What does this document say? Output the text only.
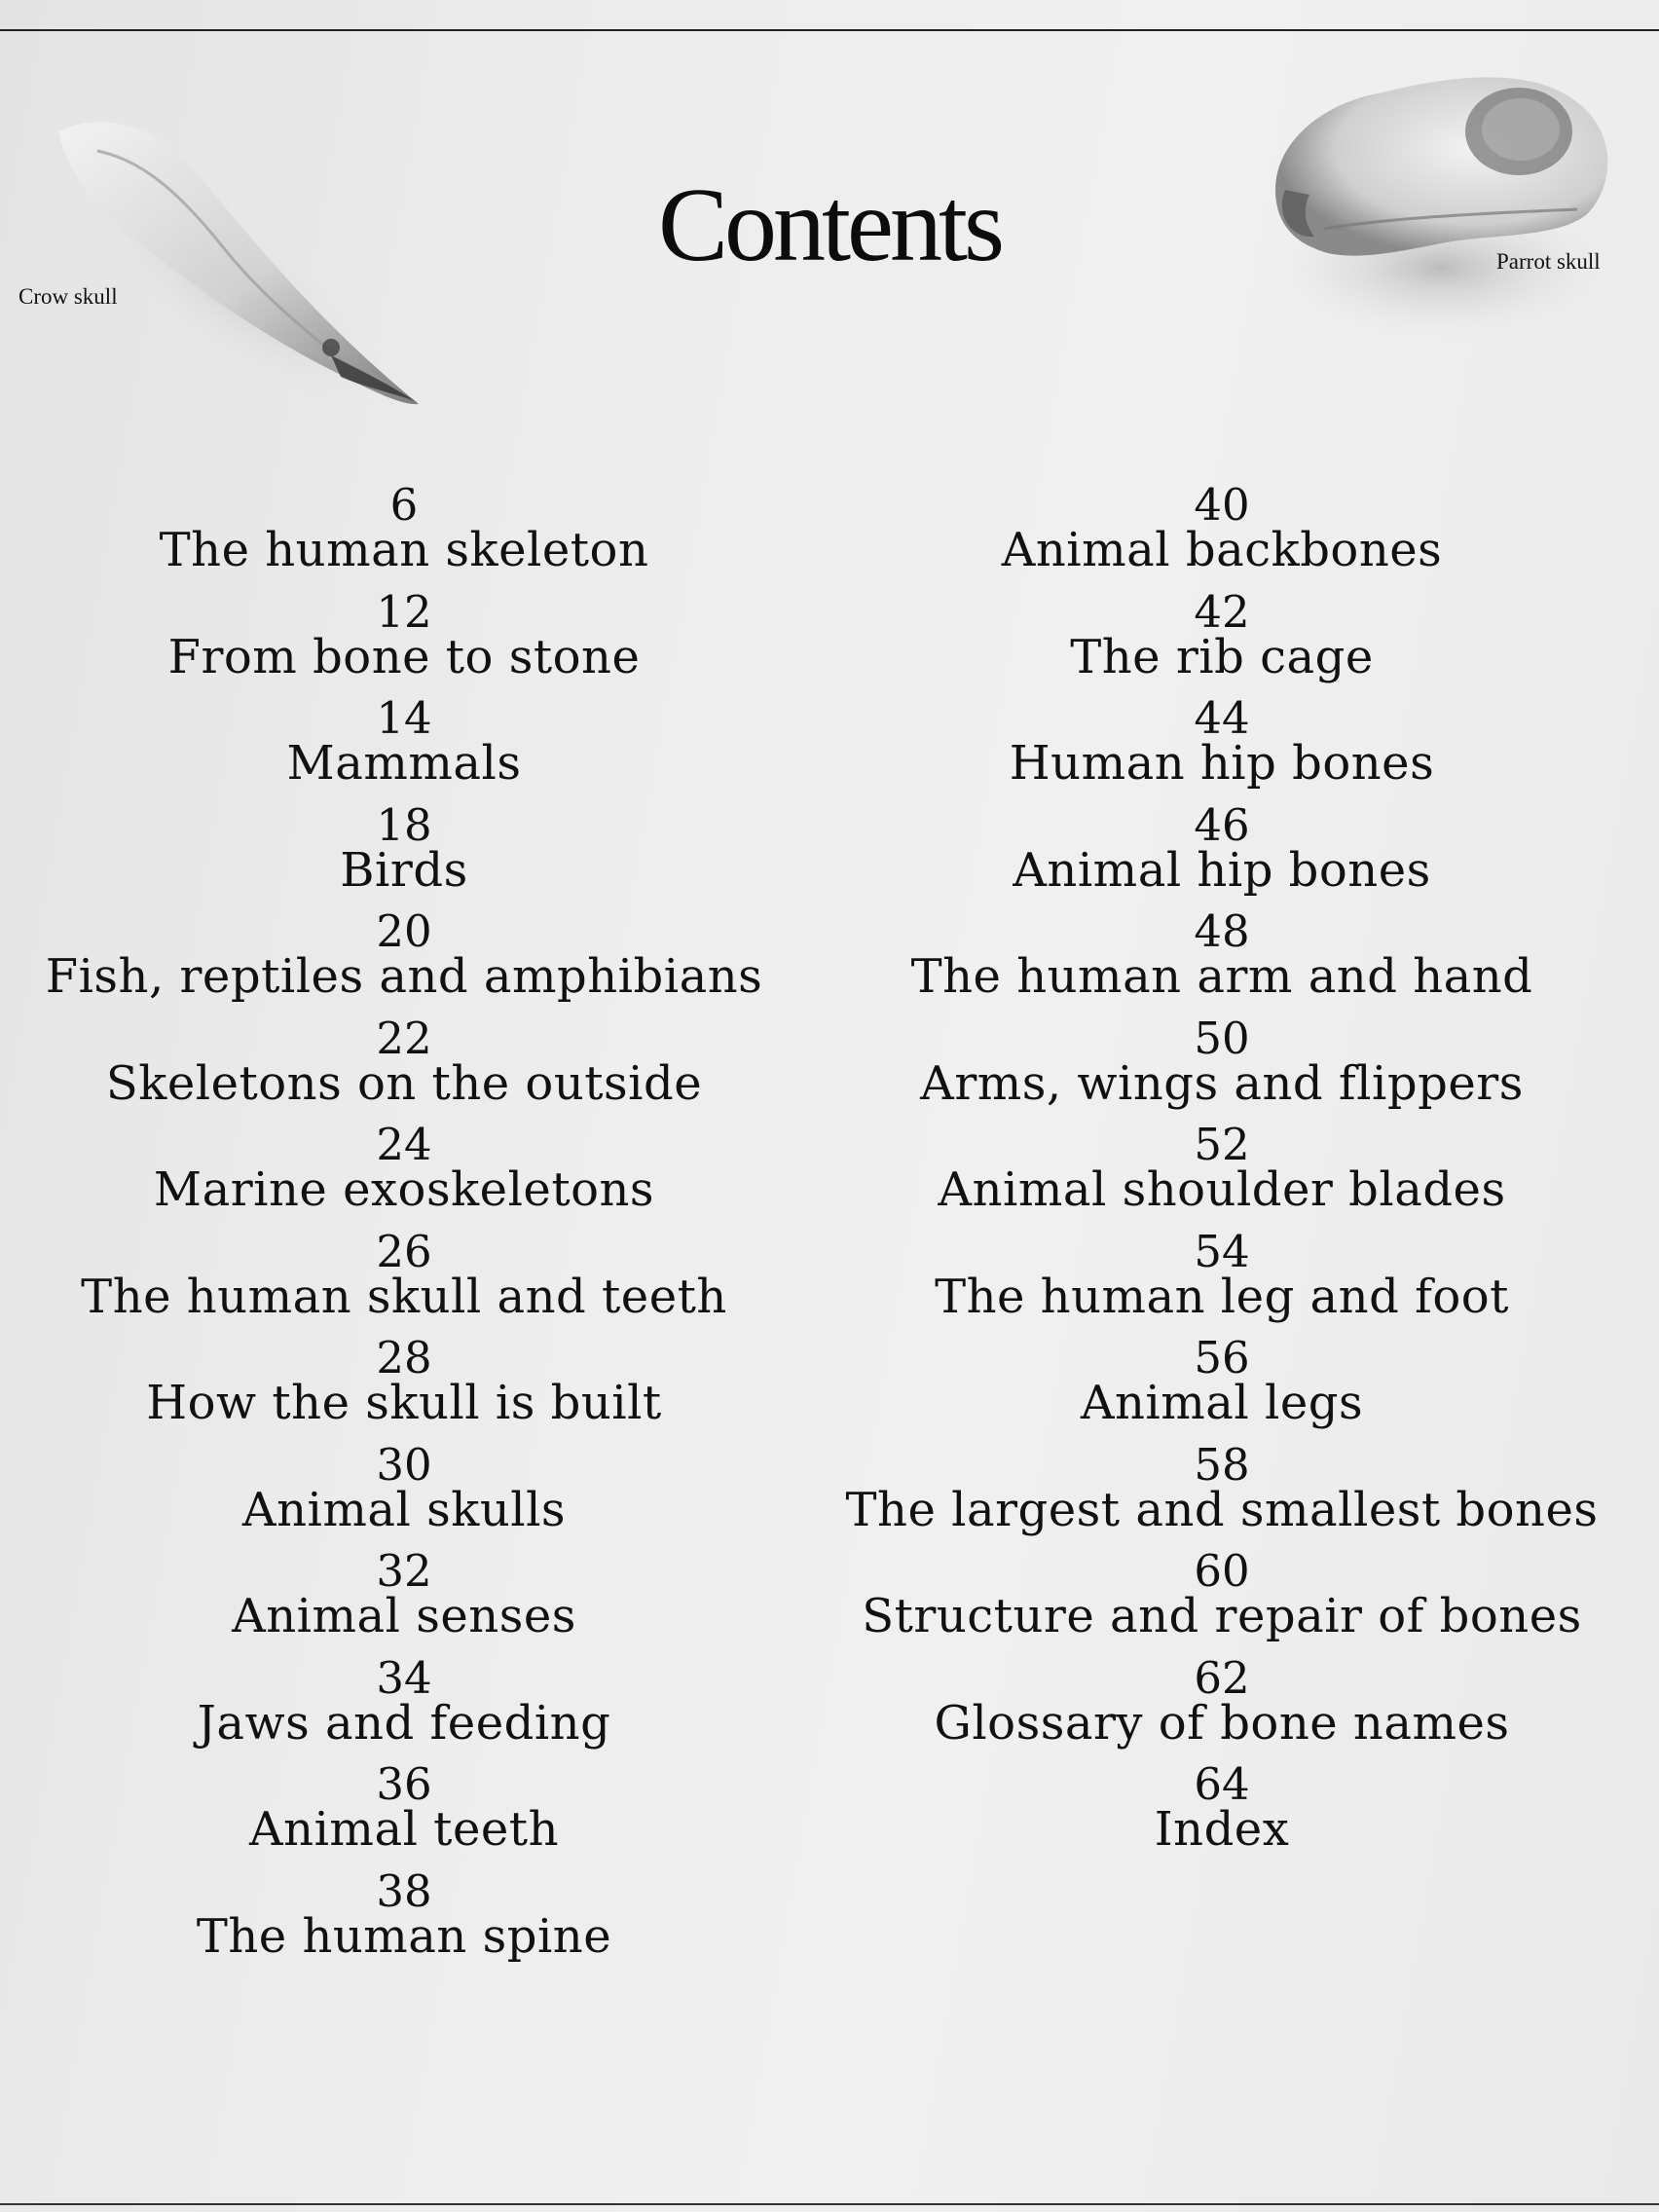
Crow skull
Parrot skull
Contents
6
The human skeleton
12
From bone to stone
14
Mammals
18
Birds
20
Fish, reptiles and amphibians
22
Skeletons on the outside
24
Marine exoskeletons
26
The human skull and teeth
28
How the skull is built
30
Animal skulls
32
Animal senses
34
Jaws and feeding
36
Animal teeth
38
The human spine
40
Animal backbones
42
The rib cage
44
Human hip bones
46
Animal hip bones
48
The human arm and hand
50
Arms, wings and flippers
52
Animal shoulder blades
54
The human leg and foot
56
Animal legs
58
The largest and smallest bones
60
Structure and repair of bones
62
Glossary of bone names
64
Index
